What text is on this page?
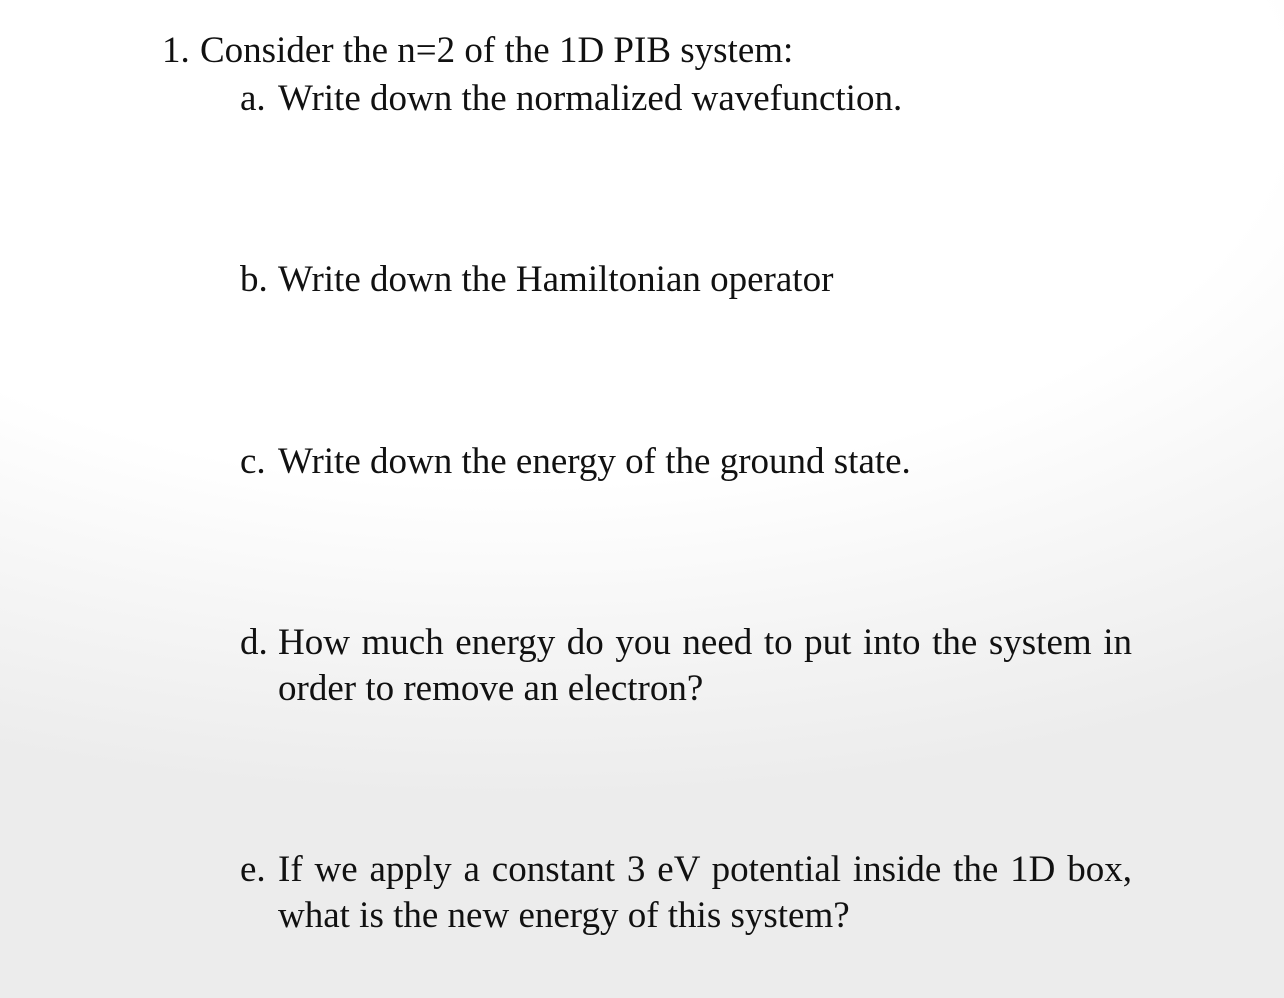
1. Consider the n=2 of the 1D PIB system:
a. Write down the normalized wavefunction.
b. Write down the Hamiltonian operator
c. Write down the energy of the ground state.
d. How much energy do you need to put into the system in order to remove an electron?
e. If we apply a constant 3 eV potential inside the 1D box, what is the new energy of this system?
